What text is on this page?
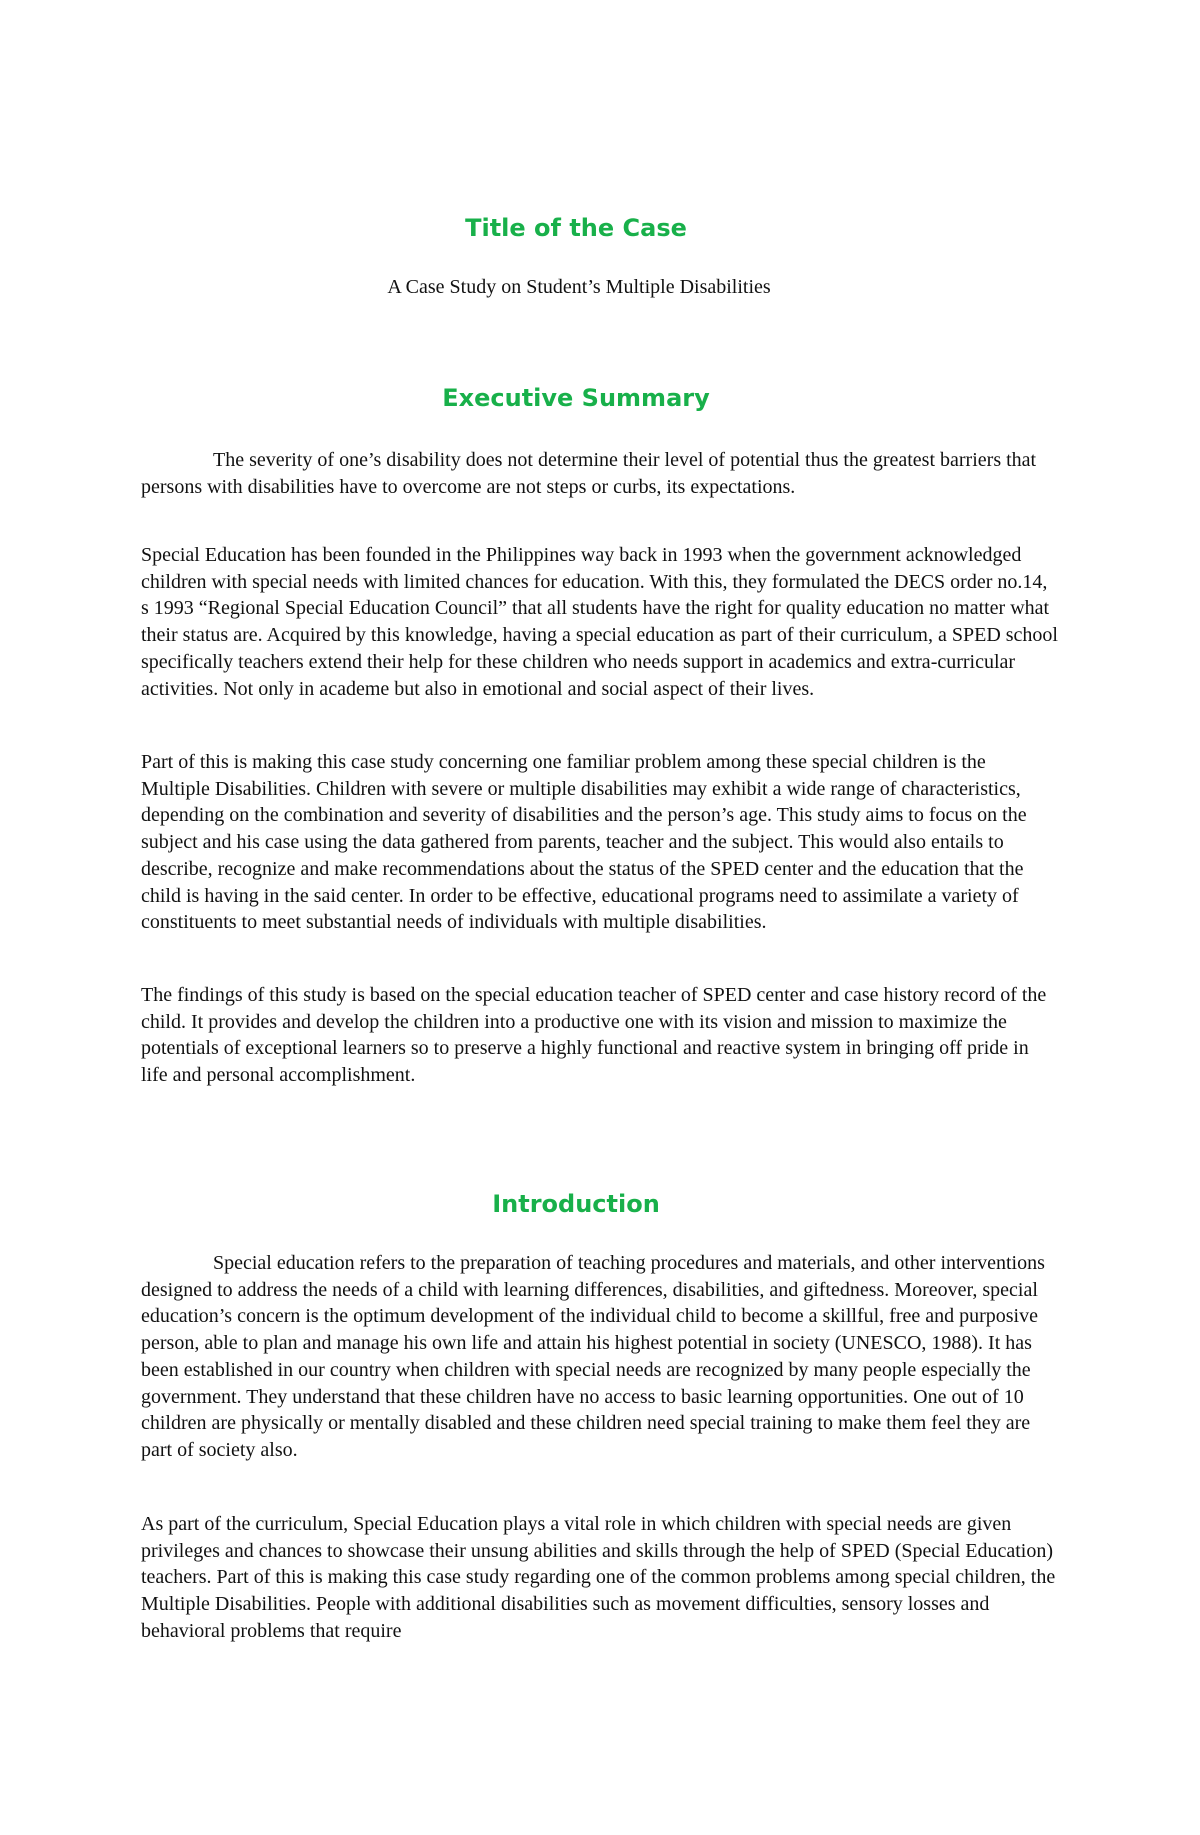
Title of the Case

A Case Study on Student’s Multiple Disabilities

Executive Summary

The severity of one’s disability does not determine their level of potential thus the greatest barriers that persons with disabilities have to overcome are not steps or curbs, its expectations.

Special Education has been founded in the Philippines way back in 1993 when the government acknowledged children with special needs with limited chances for education. With this, they formulated the DECS order no.14, s 1993 “Regional Special Education Council” that all students have the right for quality education no matter what their status are. Acquired by this knowledge, having a special education as part of their curriculum, a SPED school specifically teachers extend their help for these children who needs support in academics and extra-curricular activities. Not only in academe but also in emotional and social aspect of their lives.

Part of this is making this case study concerning one familiar problem among these special children is the Multiple Disabilities. Children with severe or multiple disabilities may exhibit a wide range of characteristics, depending on the combination and severity of disabilities and the person’s age. This study aims to focus on the subject and his case using the data gathered from parents, teacher and the subject. This would also entails to describe, recognize and make recommendations about the status of the SPED center and the education that the child is having in the said center. In order to be effective, educational programs need to assimilate a variety of constituents to meet substantial needs of individuals with multiple disabilities.

The findings of this study is based on the special education teacher of SPED center and case history record of the child. It provides and develop the children into a productive one with its vision and mission to maximize the potentials of exceptional learners so to preserve a highly functional and reactive system in bringing off pride in life and personal accomplishment.

Introduction

Special education refers to the preparation of teaching procedures and materials, and other interventions designed to address the needs of a child with learning differences, disabilities, and giftedness. Moreover, special education’s concern is the optimum development of the individual child to become a skillful, free and purposive person, able to plan and manage his own life and attain his highest potential in society (UNESCO, 1988). It has been established in our country when children with special needs are recognized by many people especially the government. They understand that these children have no access to basic learning opportunities. One out of 10 children are physically or mentally disabled and these children need special training to make them feel they are part of society also.

As part of the curriculum, Special Education plays a vital role in which children with special needs are given privileges and chances to showcase their unsung abilities and skills through the help of SPED (Special Education) teachers. Part of this is making this case study regarding one of the common problems among special children, the Multiple Disabilities. People with additional disabilities such as movement difficulties, sensory losses and behavioral problems that require
